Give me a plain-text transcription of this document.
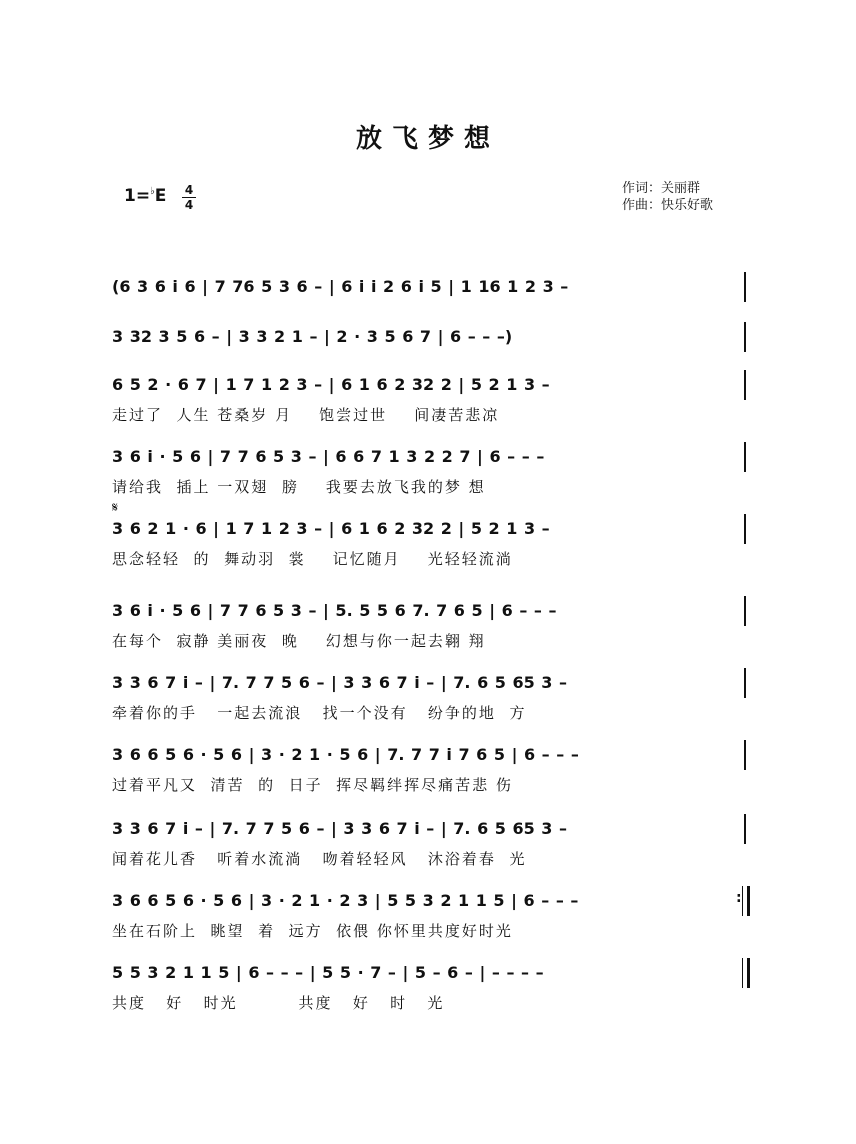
放飞梦想
1=♭E 4
4
作词：关丽群
作曲：快乐好歌
𝄋
(6 3 6 i 6 | 7 76 5 3 6 – | 6 i i 2 6 i 5 | 1 16 1 2 3 –
3 32 3 5 6 – | 3 3 2 1 – | 2 · 3 5 6 7 | 6 – – –)
6 5 2 · 6 7 | 1 7 1 2 3 – | 6 1 6 2 32 2 | 5 2 1 3 –
走过了  人生 苍桑岁 月    饱尝过世    间凄苦悲凉
3 6 i · 5 6 | 7 7 6 5 3 – | 6 6 7 1 3 2 2 7 | 6 – – –
请给我  插上 一双翅  膀    我要去放飞我的梦 想
3 6 2 1 · 6 | 1 7 1 2 3 – | 6 1 6 2 32 2 | 5 2 1 3 –
思念轻轻  的  舞动羽  裳    记忆随月    光轻轻流淌
3 6 i · 5 6 | 7 7 6 5 3 – | 5. 5 5 6 7. 7 6 5 | 6 – – –
在每个  寂静 美丽夜  晚    幻想与你一起去翱 翔
3 3 6 7 i – | 7. 7 7 5 6 – | 3 3 6 7 i – | 7. 6 5 65 3 –
牵着你的手   一起去流浪   找一个没有   纷争的地  方
3 6 6 5 6 · 5 6 | 3 · 2 1 · 5 6 | 7. 7 7 i 7 6 5 | 6 – – –
过着平凡又  清苦  的  日子  挥尽羁绊挥尽痛苦悲 伤
3 3 6 7 i – | 7. 7 7 5 6 – | 3 3 6 7 i – | 7. 6 5 65 3 –
闻着花儿香   听着水流淌   吻着轻轻风   沐浴着春  光
3 6 6 5 6 · 5 6 | 3 · 2 1 · 2 3 | 5 5 3 2 1 1 5 | 6 – – –
坐在石阶上  眺望  着  远方  依偎 你怀里共度好时光
:
5 5 3 2 1 1 5 | 6 – – – | 5 5 · 7 – | 5 – 6 – | – – – –
共度   好   时光         共度   好   时   光
